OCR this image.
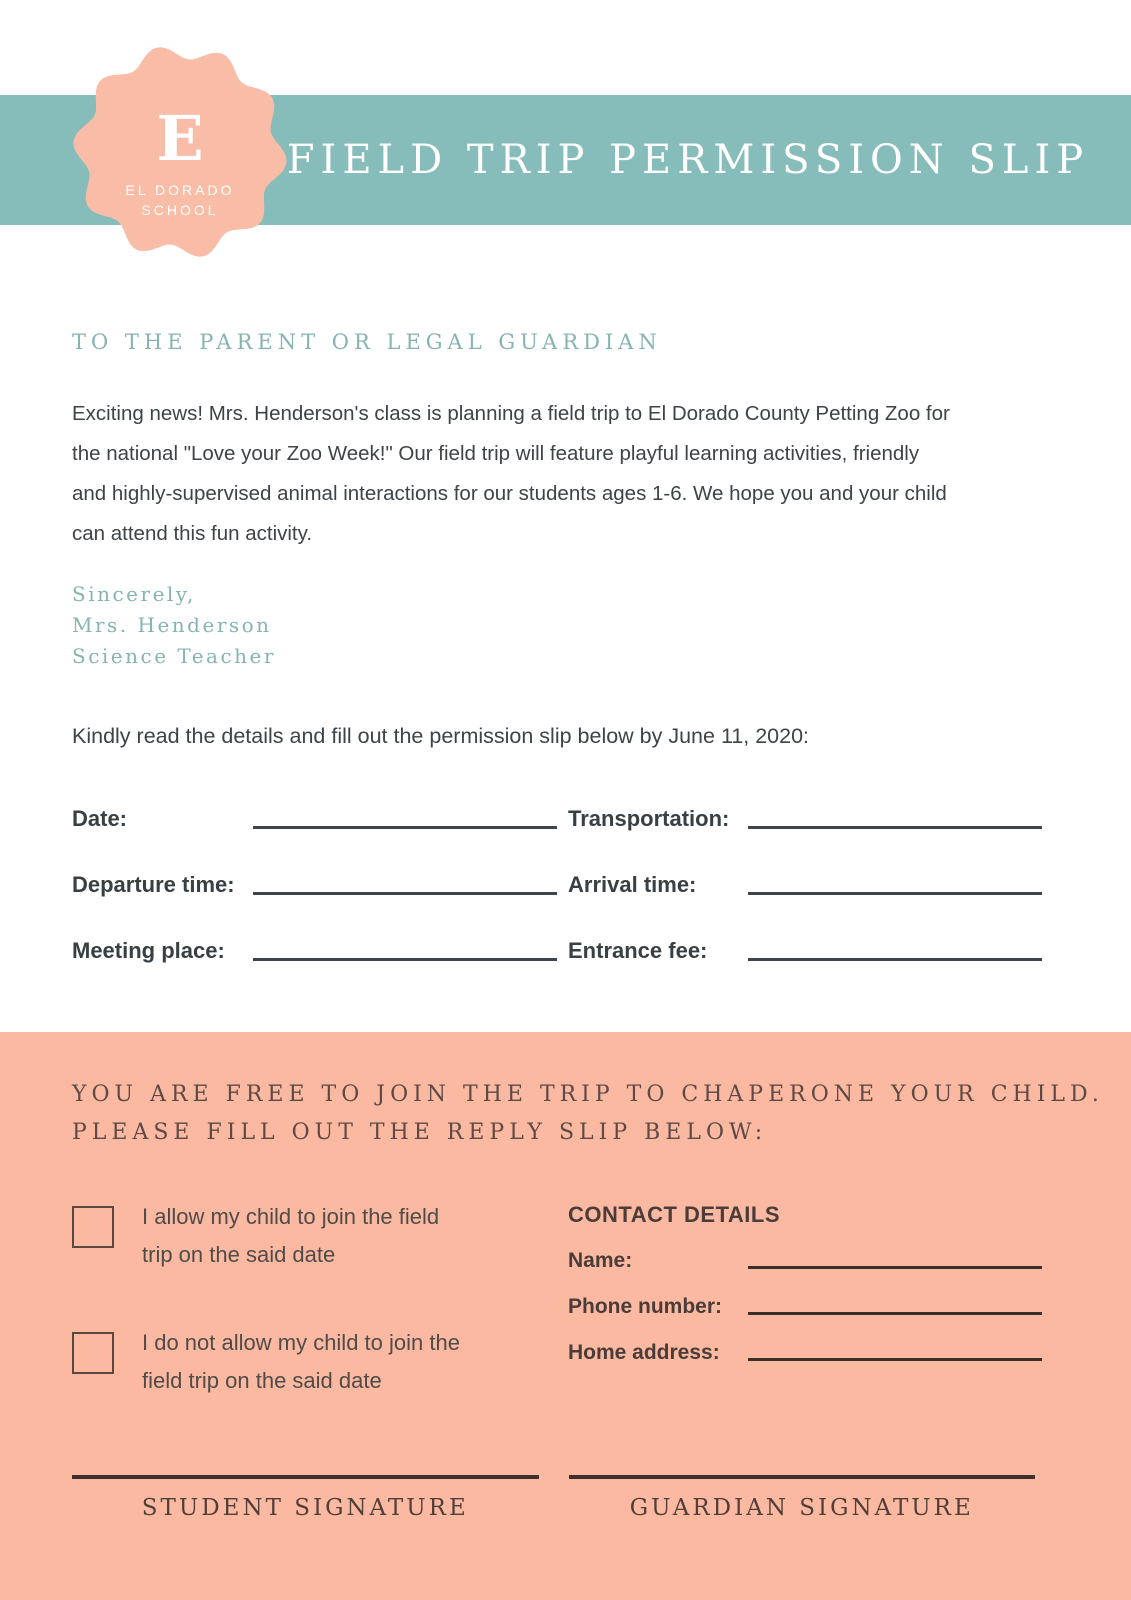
FIELD TRIP PERMISSION SLIP
E
EL DORADO
SCHOOL
TO THE PARENT OR LEGAL GUARDIAN
Exciting news! Mrs. Henderson's class is planning a field trip to El Dorado County Petting Zoo for
the national "Love your Zoo Week!" Our field trip will feature playful learning activities, friendly
and highly-supervised animal interactions for our students ages 1-6. We hope you and your child
can attend this fun activity.
Sincerely,
Mrs. Henderson
Science Teacher
Kindly read the details and fill out the permission slip below by June 11, 2020:
Date:	Transportation:
Departure time:	Arrival time:
Meeting place:	Entrance fee:
YOU ARE FREE TO JOIN THE TRIP TO CHAPERONE YOUR CHILD.
PLEASE FILL OUT THE REPLY SLIP BELOW:
I allow my child to join the field
trip on the said date
I do not allow my child to join the
field trip on the said date
CONTACT DETAILS
Name:
Phone number:
Home address:
STUDENT SIGNATURE	GUARDIAN SIGNATURE
